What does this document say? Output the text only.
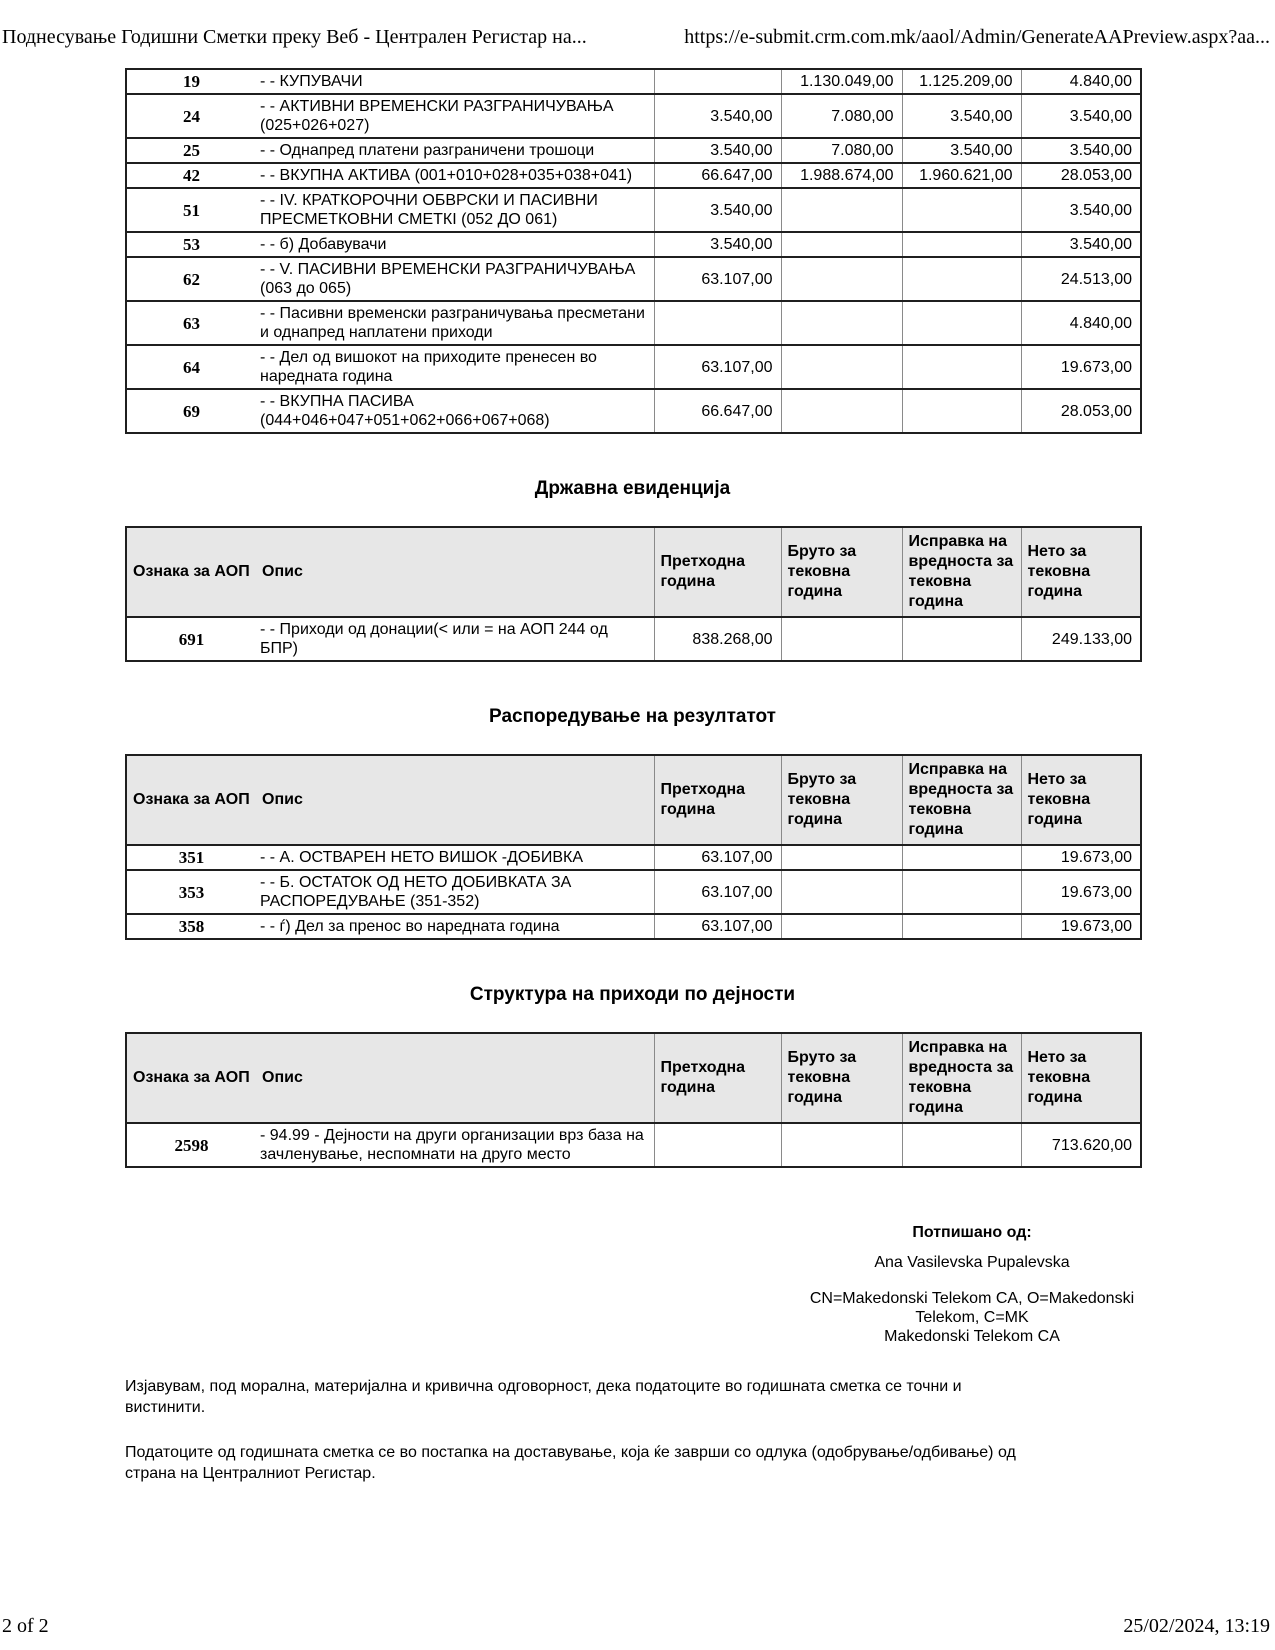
Поднесување Годишни Сметки преку Веб - Централен Регистар на...	https://e-submit.crm.com.mk/aaol/Admin/GenerateAAPreview.aspx?aa...
19	- - КУПУВАЧИ		1.130.049,00	1.125.209,00	4.840,00
24	- - АКТИВНИ ВРЕМЕНСКИ РАЗГРАНИЧУВАЊА (025+026+027)	3.540,00	7.080,00	3.540,00	3.540,00
25	- - Однапред платени разграничени трошоци	3.540,00	7.080,00	3.540,00	3.540,00
42	- - ВКУПНА АКТИВА (001+010+028+035+038+041)	66.647,00	1.988.674,00	1.960.621,00	28.053,00
51	- - IV. КРАТКОРОЧНИ ОБВРСКИ И ПАСИВНИ ПРЕСМЕТКОВНИ СМЕТКI (052 ДО 061)	3.540,00			3.540,00
53	- - б) Добавувачи	3.540,00			3.540,00
62	- - V. ПАСИВНИ ВРЕМЕНСКИ РАЗГРАНИЧУВАЊА (063 до 065)	63.107,00			24.513,00
63	- - Пасивни временски разграничувања пресметани и однапред наплатени приходи				4.840,00
64	- - Дел од вишокот на приходите пренесен во наредната година	63.107,00			19.673,00
69	- - ВКУПНА ПАСИВА (044+046+047+051+062+066+067+068)	66.647,00			28.053,00
Државна евиденција
Ознака за АОП	Опис	Претходна година	Бруто за тековна година	Исправка на вредноста за тековна година	Нето за тековна година
691	- - Приходи од донации(< или = на АОП 244 од БПР)	838.268,00			249.133,00
Распоредување на резултатот
Ознака за АОП	Опис	Претходна година	Бруто за тековна година	Исправка на вредноста за тековна година	Нето за тековна година
351	- - А. ОСТВАРЕН НЕТО ВИШОК -ДОБИВКА	63.107,00			19.673,00
353	- - Б. ОСТАТОК ОД НЕТО ДОБИВКАТА ЗА РАСПОРЕДУВАЊЕ (351-352)	63.107,00			19.673,00
358	- - ѓ) Дел за пренос во наредната година	63.107,00			19.673,00
Структура на приходи по дејности
Ознака за АОП	Опис	Претходна година	Бруто за тековна година	Исправка на вредноста за тековна година	Нето за тековна година
2598	- 94.99 - Дејности на други организации врз база на зачленување, неспомнати на друго место				713.620,00
Потпишано од:
Ana Vasilevska Pupalevska
CN=Makedonski Telekom CA, O=Makedonski Telekom, C=MK
Makedonski Telekom CA

Изјавувам, под морална, материјална и кривична одговорност, дека податоците во годишната сметка се точни и вистинити.

Податоците од годишната сметка се во постапка на доставување, која ќе заврши со одлука (одобрување/одбивање) од страна на Централниот Регистар.

2 of 2	25/02/2024, 13:19
